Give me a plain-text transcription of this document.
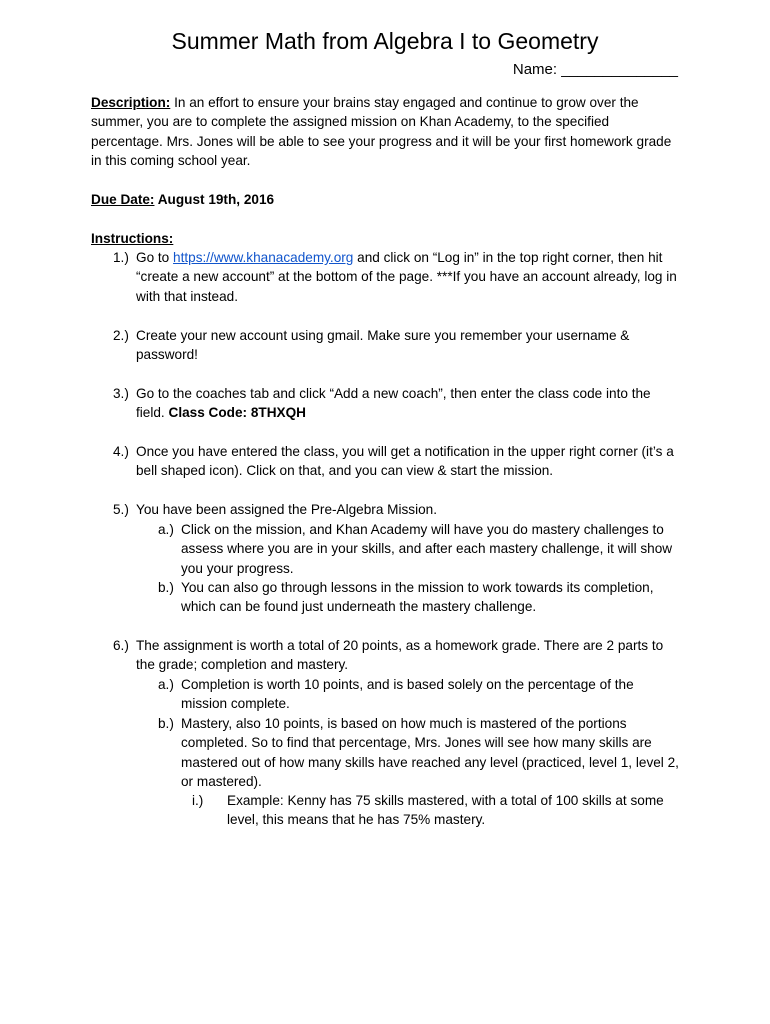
Summer Math from Algebra I to Geometry
Name: ______________
Description: In an effort to ensure your brains stay engaged and continue to grow over the summer, you are to complete the assigned mission on Khan Academy, to the specified percentage. Mrs. Jones will be able to see your progress and it will be your first homework grade in this coming school year.
Due Date: August 19th, 2016
Instructions:
1.) Go to https://www.khanacademy.org and click on “Log in” in the top right corner, then hit “create a new account” at the bottom of the page. ***If you have an account already, log in with that instead.
2.) Create your new account using gmail. Make sure you remember your username & password!
3.) Go to the coaches tab and click “Add a new coach”, then enter the class code into the field. Class Code: 8THXQH
4.) Once you have entered the class, you will get a notification in the upper right corner (it’s a bell shaped icon). Click on that, and you can view & start the mission.
5.) You have been assigned the Pre-Algebra Mission.
a.) Click on the mission, and Khan Academy will have you do mastery challenges to assess where you are in your skills, and after each mastery challenge, it will show you your progress.
b.) You can also go through lessons in the mission to work towards its completion, which can be found just underneath the mastery challenge.
6.) The assignment is worth a total of 20 points, as a homework grade. There are 2 parts to the grade; completion and mastery.
a.) Completion is worth 10 points, and is based solely on the percentage of the mission complete.
b.) Mastery, also 10 points, is based on how much is mastered of the portions completed. So to find that percentage, Mrs. Jones will see how many skills are mastered out of how many skills have reached any level (practiced, level 1, level 2, or mastered).
i.) Example: Kenny has 75 skills mastered, with a total of 100 skills at some level, this means that he has 75% mastery.
